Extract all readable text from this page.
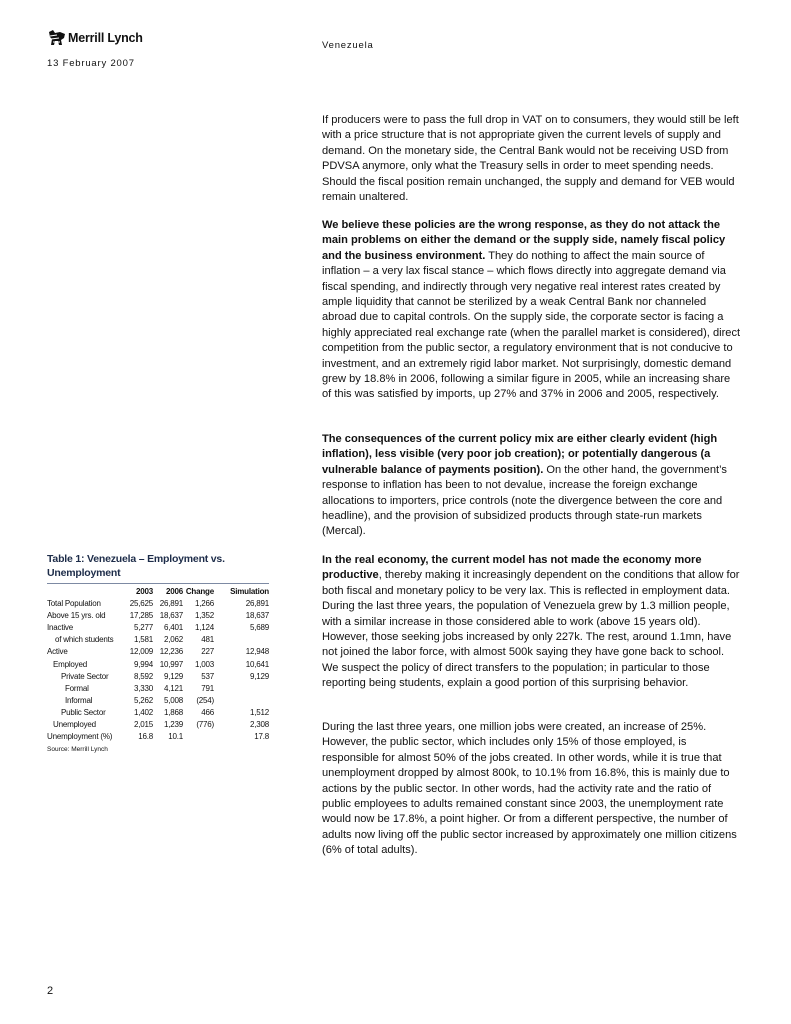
Merrill Lynch
13 February 2007
Venezuela

If producers were to pass the full drop in VAT on to consumers, they would still be left with a price structure that is not appropriate given the current levels of supply and demand. On the monetary side, the Central Bank would not be receiving USD from PDVSA anymore, only what the Treasury sells in order to meet spending needs. Should the fiscal position remain unchanged, the supply and demand for VEB would remain unaltered.

We believe these policies are the wrong response, as they do not attack the main problems on either the demand or the supply side, namely fiscal policy and the business environment. They do nothing to affect the main source of inflation – a very lax fiscal stance – which flows directly into aggregate demand via fiscal spending, and indirectly through very negative real interest rates created by ample liquidity that cannot be sterilized by a weak Central Bank nor channeled abroad due to capital controls. On the supply side, the corporate sector is facing a highly appreciated real exchange rate (when the parallel market is considered), direct competition from the public sector, a regulatory environment that is not conducive to investment, and an extremely rigid labor market. Not surprisingly, domestic demand grew by 18.8% in 2006, following a similar figure in 2005, while an increasing share of this was satisfied by imports, up 27% and 37% in 2006 and 2005, respectively.

The consequences of the current policy mix are either clearly evident (high inflation), less visible (very poor job creation); or potentially dangerous (a vulnerable balance of payments position). On the other hand, the government’s response to inflation has been to not devalue, increase the foreign exchange allocations to importers, price controls (note the divergence between the core and headline), and the provision of subsidized products through state-run markets (Mercal).

In the real economy, the current model has not made the economy more productive, thereby making it increasingly dependent on the conditions that allow for both fiscal and monetary policy to be very lax. This is reflected in employment data. During the last three years, the population of Venezuela grew by 1.3 million people, with a similar increase in those considered able to work (above 15 years old). However, those seeking jobs increased by only 227k. The rest, around 1.1mn, have not joined the labor force, with almost 500k saying they have gone back to school. We suspect the policy of direct transfers to the population; in particular to those reporting being students, explain a good portion of this surprising behavior.

During the last three years, one million jobs were created, an increase of 25%. However, the public sector, which includes only 15% of those employed, is responsible for almost 50% of the jobs created. In other words, while it is true that unemployment dropped by almost 800k, to 10.1% from 16.8%, this is mainly due to actions by the public sector. In other words, had the activity rate and the ratio of public employees to adults remained constant since 2003, the unemployment rate would now be 17.8%, a point higher. Or from a different perspective, the number of adults now living off the public sector increased by approximately one million citizens (6% of total adults).

Table 1: Venezuela – Employment vs. Unemployment
	2003	2006	Change	Simulation
Total Population	25,625	26,891	1,266	26,891
Above 15 yrs. old	17,285	18,637	1,352	18,637
Inactive	5,277	6,401	1,124	5,689
of which students	1,581	2,062	481	
Active	12,009	12,236	227	12,948
Employed	9,994	10,997	1,003	10,641
Private Sector	8,592	9,129	537	9,129
Formal	3,330	4,121	791	
Informal	5,262	5,008	(254)	
Public Sector	1,402	1,868	466	1,512
Unemployed	2,015	1,239	(776)	2,308
Unemployment (%)	16.8	10.1		17.8
Source: Merrill Lynch
2
